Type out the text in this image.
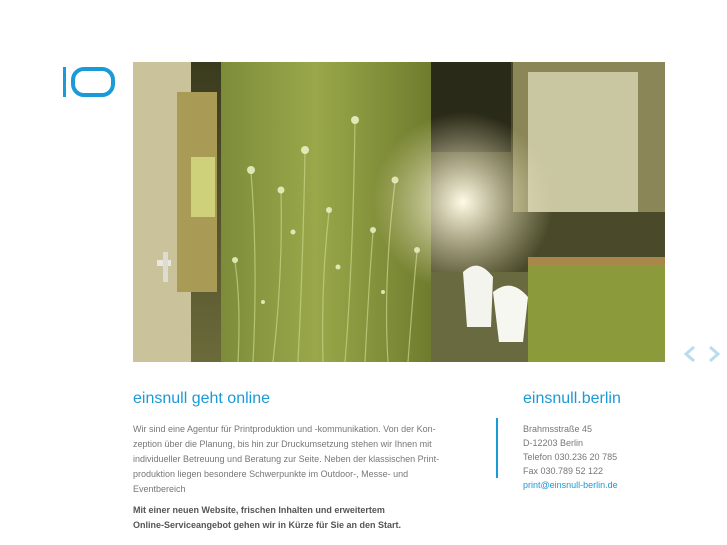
einsnull geht online

Wir sind eine Agentur für Printproduktion und -kommunikation. Von der Kon-

zeption über die Planung, bis hin zur Druckumsetzung stehen wir Ihnen mit

individueller Betreuung und Beratung zur Seite. Neben der klassischen Print-

produktion liegen besondere Schwerpunkte im Outdoor-, Messe- und

Eventbereich

Mit einer neuen Website, frischen Inhalten und erweitertem
Online-Serviceangebot gehen wir in Kürze für Sie an den Start.
einsnull.berlin
Brahmsstraße 45
D-12203 Berlin
Telefon 030.236 20 785
Fax 030.789 52 122
print@einsnull-berlin.de
